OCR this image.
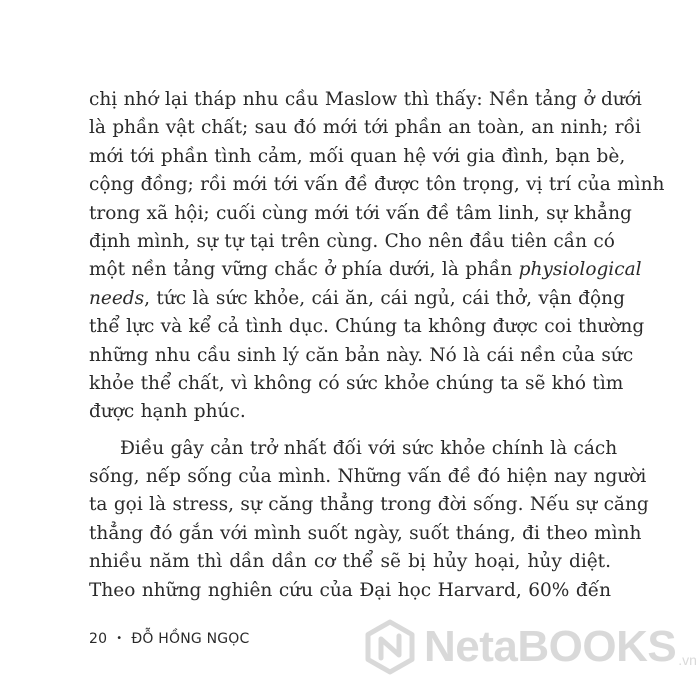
chị nhớ lại tháp nhu cầu Maslow thì thấy: Nền tảng ở dưới
là phần vật chất; sau đó mới tới phần an toàn, an ninh; rồi
mới tới phần tình cảm, mối quan hệ với gia đình, bạn bè,
cộng đồng; rồi mới tới vấn đề được tôn trọng, vị trí của mình
trong xã hội; cuối cùng mới tới vấn đề tâm linh, sự khẳng
định mình, sự tự tại trên cùng. Cho nên đầu tiên cần có
một nền tảng vững chắc ở phía dưới, là phần physiological
needs, tức là sức khỏe, cái ăn, cái ngủ, cái thở, vận động
thể lực và kể cả tình dục. Chúng ta không được coi thường
những nhu cầu sinh lý căn bản này. Nó là cái nền của sức
khỏe thể chất, vì không có sức khỏe chúng ta sẽ khó tìm
được hạnh phúc.
Điều gây cản trở nhất đối với sức khỏe chính là cách
sống, nếp sống của mình. Những vấn đề đó hiện nay người
ta gọi là stress, sự căng thẳng trong đời sống. Nếu sự căng
thẳng đó gắn với mình suốt ngày, suốt tháng, đi theo mình
nhiều năm thì dần dần cơ thể sẽ bị hủy hoại, hủy diệt.
Theo những nghiên cứu của Đại học Harvard, 60% đến
20 • ĐỖ HỒNG NGỌC	NetaBOOKS .vn
